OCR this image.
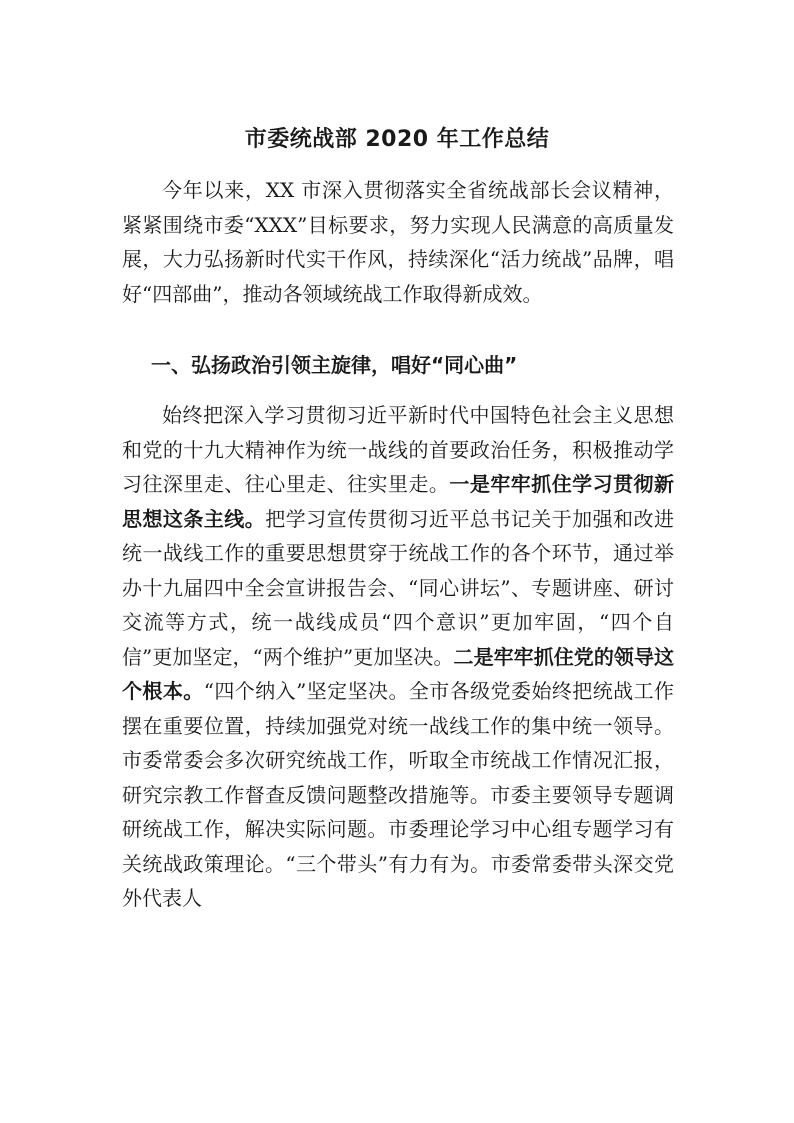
市委统战部 2020 年工作总结

今年以来，XX 市深入贯彻落实全省统战部长会议精神，紧紧围绕市委“XXX”目标要求，努力实现人民满意的高质量发展，大力弘扬新时代实干作风，持续深化“活力统战”品牌，唱好“四部曲”，推动各领域统战工作取得新成效。

一、弘扬政治引领主旋律，唱好“同心曲”

始终把深入学习贯彻习近平新时代中国特色社会主义思想和党的十九大精神作为统一战线的首要政治任务，积极推动学习往深里走、往心里走、往实里走。一是牢牢抓住学习贯彻新思想这条主线。把学习宣传贯彻习近平总书记关于加强和改进统一战线工作的重要思想贯穿于统战工作的各个环节，通过举办十九届四中全会宣讲报告会、“同心讲坛”、专题讲座、研讨交流等方式，统一战线成员“四个意识”更加牢固，“四个自信”更加坚定，“两个维护”更加坚决。二是牢牢抓住党的领导这个根本。“四个纳入”坚定坚决。全市各级党委始终把统战工作摆在重要位置，持续加强党对统一战线工作的集中统一领导。市委常委会多次研究统战工作，听取全市统战工作情况汇报，研究宗教工作督查反馈问题整改措施等。市委主要领导专题调研统战工作，解决实际问题。市委理论学习中心组专题学习有关统战政策理论。“三个带头”有力有为。市委常委带头深交党外代表人
